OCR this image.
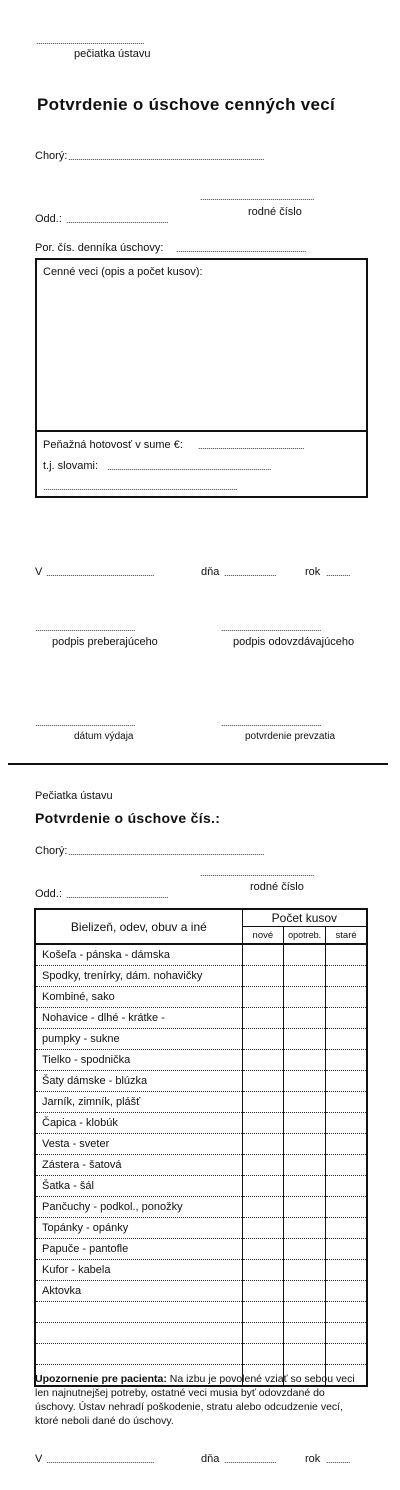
......................................................
pečiatka ústavu
Potvrdenie o úschove cenných vecí
Chorý: ..................................................................................................
.........................................................
rodné číslo
Odd.: ...................................................
Por. čís. denníka úschovy: .................................................................
Cenné veci (opis a počet kusov):
Peňažná hotovosť v sume €: .....................................................
t.j. slovami: ..................................................................................
.................................................................................................
V ......................................................	dňa ..........................	rok ............
..................................................	..................................................
podpis preberajúceho	podpis odovzdávajúceho
..................................................	..................................................
dátum výdaja	potvrdenie prevzatia
Pečiatka ústavu
Potvrdenie o úschove čís.:
Chorý: ..................................................................................................
.........................................................
rodné číslo
Odd.: ...................................................
Bielizeň, odev, obuv a iné	Počet kusov		
	nové	opotreb.	staré
Košeľa - pánska - dámska			
Spodky, trenírky, dám. nohavičky			
Kombiné, sako			
Nohavice - dlhé - krátke -			
pumpky - sukne			
Tielko - spodnička			
Šaty dámske - blúzka			
Jarník, zimník, plášť			
Čapica - klobúk			
Vesta - sveter			
Zástera - šatová			
Šatka - šál			
Pančuchy - podkol., ponožky			
Topánky - opánky			
Papuče - pantofle			
Kufor - kabela			
Aktovka			

Upozornenie pre pacienta: Na izbu je povolené vziať so sebou veci len najnutnejšej potreby, ostatné veci musia byť odovzdané do úschovy. Ústav nehradí poškodenie, stratu alebo odcudzenie vecí, ktoré neboli dané do úschovy.
V ......................................................	dňa ..........................	rok ............
